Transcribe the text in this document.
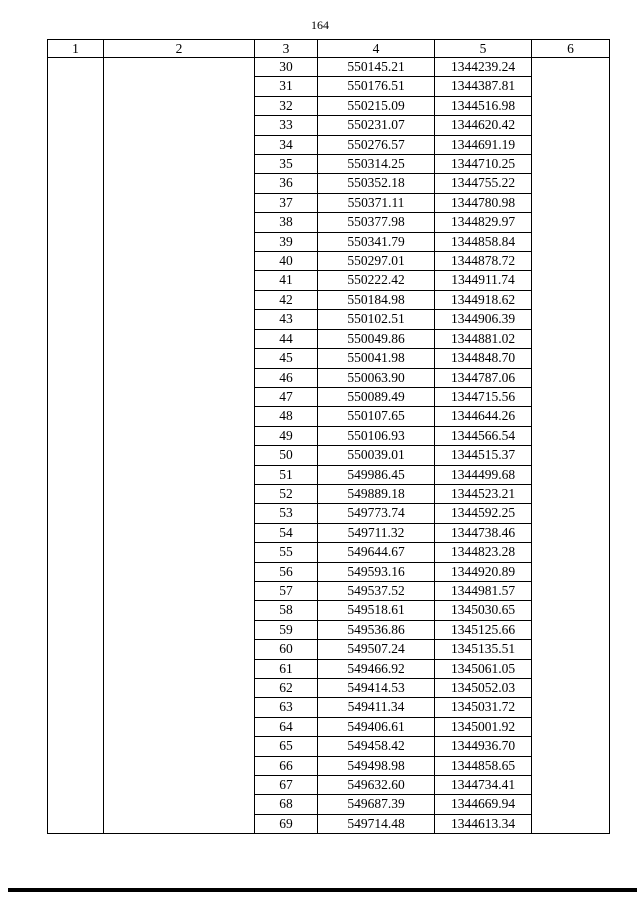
164
1	2	3	4	5	6
		30	550145.21	1344239.24	
		31	550176.51	1344387.81	
		32	550215.09	1344516.98	
		33	550231.07	1344620.42	
		34	550276.57	1344691.19	
		35	550314.25	1344710.25	
		36	550352.18	1344755.22	
		37	550371.11	1344780.98	
		38	550377.98	1344829.97	
		39	550341.79	1344858.84	
		40	550297.01	1344878.72	
		41	550222.42	1344911.74	
		42	550184.98	1344918.62	
		43	550102.51	1344906.39	
		44	550049.86	1344881.02	
		45	550041.98	1344848.70	
		46	550063.90	1344787.06	
		47	550089.49	1344715.56	
		48	550107.65	1344644.26	
		49	550106.93	1344566.54	
		50	550039.01	1344515.37	
		51	549986.45	1344499.68	
		52	549889.18	1344523.21	
		53	549773.74	1344592.25	
		54	549711.32	1344738.46	
		55	549644.67	1344823.28	
		56	549593.16	1344920.89	
		57	549537.52	1344981.57	
		58	549518.61	1345030.65	
		59	549536.86	1345125.66	
		60	549507.24	1345135.51	
		61	549466.92	1345061.05	
		62	549414.53	1345052.03	
		63	549411.34	1345031.72	
		64	549406.61	1345001.92	
		65	549458.42	1344936.70	
		66	549498.98	1344858.65	
		67	549632.60	1344734.41	
		68	549687.39	1344669.94	
		69	549714.48	1344613.34	
